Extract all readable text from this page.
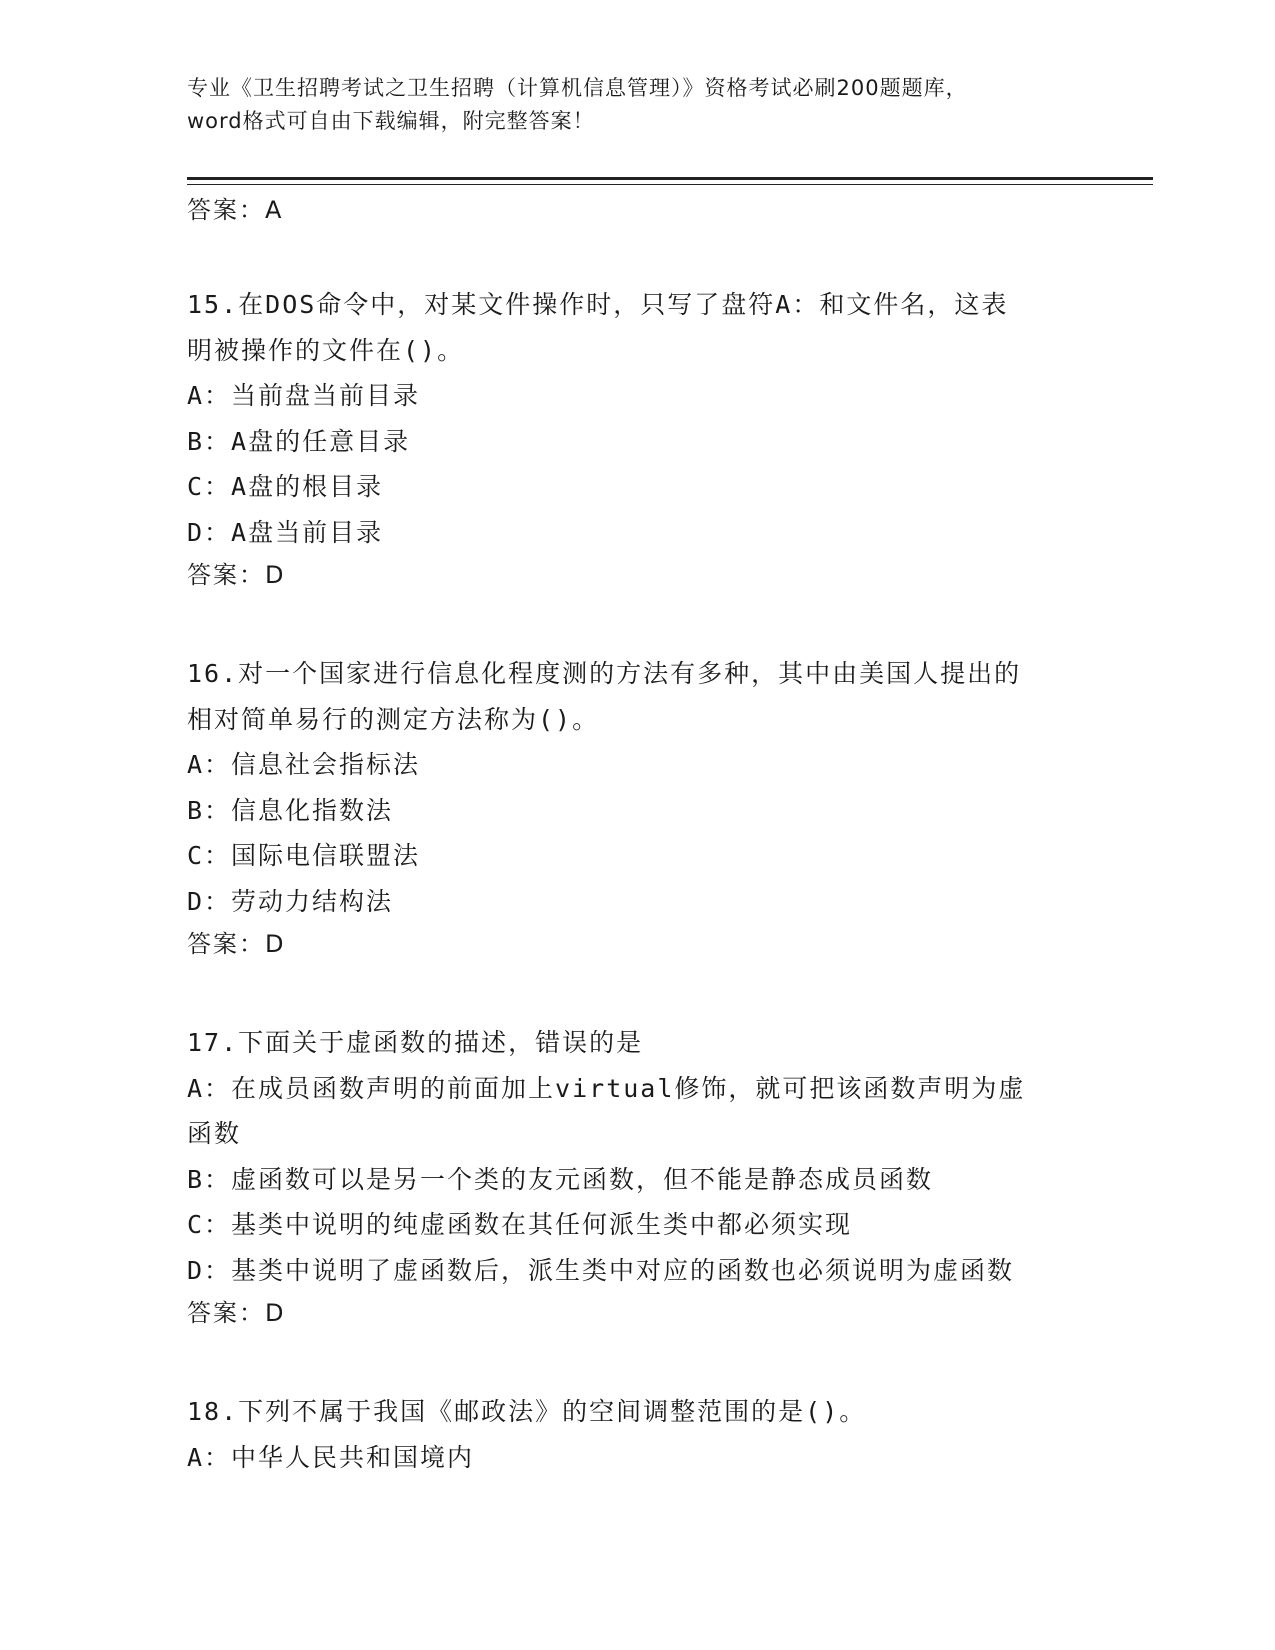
专业《卫生招聘考试之卫生招聘（计算机信息管理）》资格考试必刷200题题库，
word格式可自由下载编辑，附完整答案！

答案：A

15.在DOS命令中，对某文件操作时，只写了盘符A：和文件名，这表

明被操作的文件在()。

A：当前盘当前目录

B：A盘的任意目录

C：A盘的根目录

D：A盘当前目录

答案：D

16.对一个国家进行信息化程度测的方法有多种，其中由美国人提出的

相对简单易行的测定方法称为()。

A：信息社会指标法

B：信息化指数法

C：国际电信联盟法

D：劳动力结构法

答案：D

17.下面关于虚函数的描述，错误的是

A：在成员函数声明的前面加上virtual修饰，就可把该函数声明为虚

函数

B：虚函数可以是另一个类的友元函数，但不能是静态成员函数

C：基类中说明的纯虚函数在其任何派生类中都必须实现

D：基类中说明了虚函数后，派生类中对应的函数也必须说明为虚函数

答案：D

18.下列不属于我国《邮政法》的空间调整范围的是()。

A：中华人民共和国境内
